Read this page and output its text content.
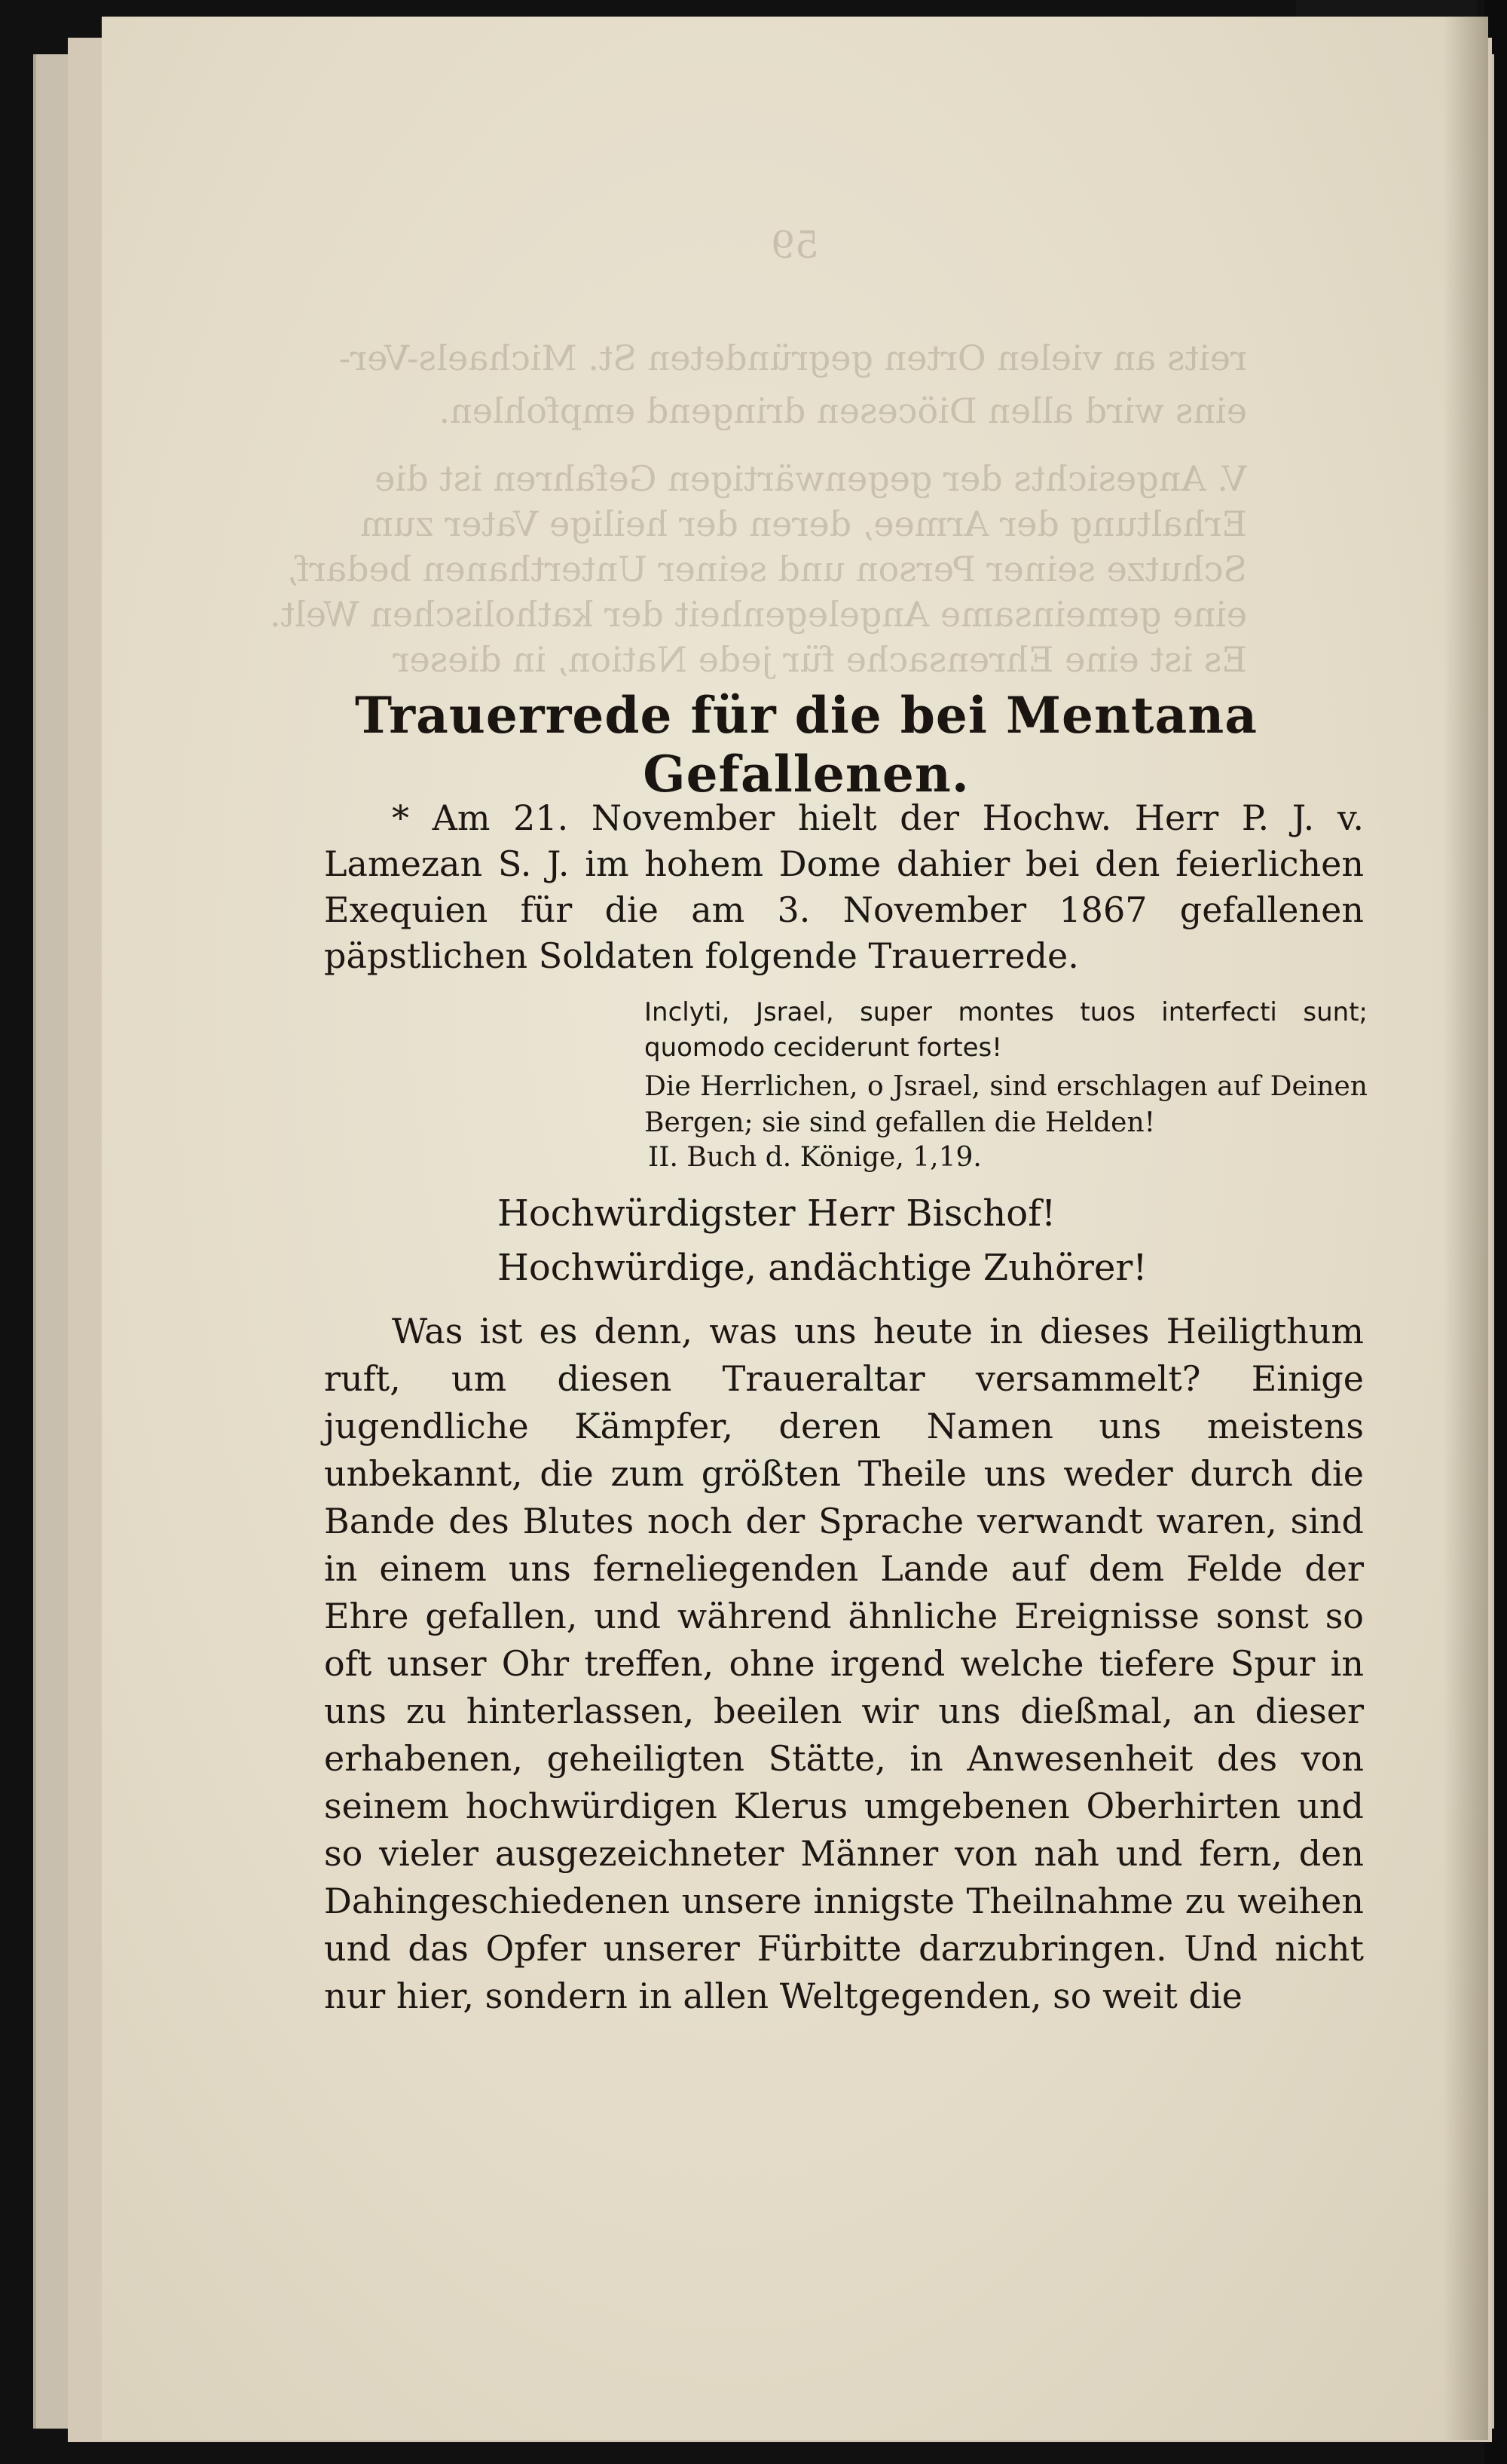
59
reits an vielen Orten gegründeten St. Michaels-Ver-
eins wird allen Diöcesen dringend empfohlen.
V. Angesichts der gegenwärtigen Gefahren ist die
Erhaltung der Armee, deren der heilige Vater zum
Schutze seiner Person und seiner Unterthanen bedarf,
eine gemeinsame Angelegenheit der katholischen Welt.
Es ist eine Ehrensache für jede Nation, in dieser
Trauerrede für die bei Mentana Gefallenen.

* Am 21. November hielt der Hochw. Herr P. J. v. Lamezan S. J. im hohem Dome dahier bei den feierlichen Exequien für die am 3. November 1867 gefallenen päpstlichen Soldaten folgende Trauerrede.

Inclyti, Jsrael, super montes tuos interfecti sunt; quomodo ceciderunt fortes!

Die Herrlichen, o Jsrael, sind erschlagen auf Deinen Bergen; sie sind gefallen die Helden!

II. Buch d. Könige, 1,19.

Hochwürdigster Herr Bischof!

Hochwürdige, andächtige Zuhörer!

Was ist es denn, was uns heute in dieses Heiligthum ruft, um diesen Traueraltar versammelt? Einige jugendliche Kämpfer, deren Namen uns meistens unbekannt, die zum größten Theile uns weder durch die Bande des Blutes noch der Sprache verwandt waren, sind in einem uns ferneliegenden Lande auf dem Felde der Ehre gefallen, und während ähnliche Ereignisse sonst so oft unser Ohr treffen, ohne irgend welche tiefere Spur in uns zu hinterlassen, beeilen wir uns dießmal, an dieser erhabenen, geheiligten Stätte, in Anwesenheit des von seinem hochwürdigen Klerus umgebenen Oberhirten und so vieler ausgezeichneter Männer von nah und fern, den Dahingeschiedenen unsere innigste Theilnahme zu weihen und das Opfer unserer Fürbitte darzubringen. Und nicht nur hier, sondern in allen Weltgegenden, so weit die
